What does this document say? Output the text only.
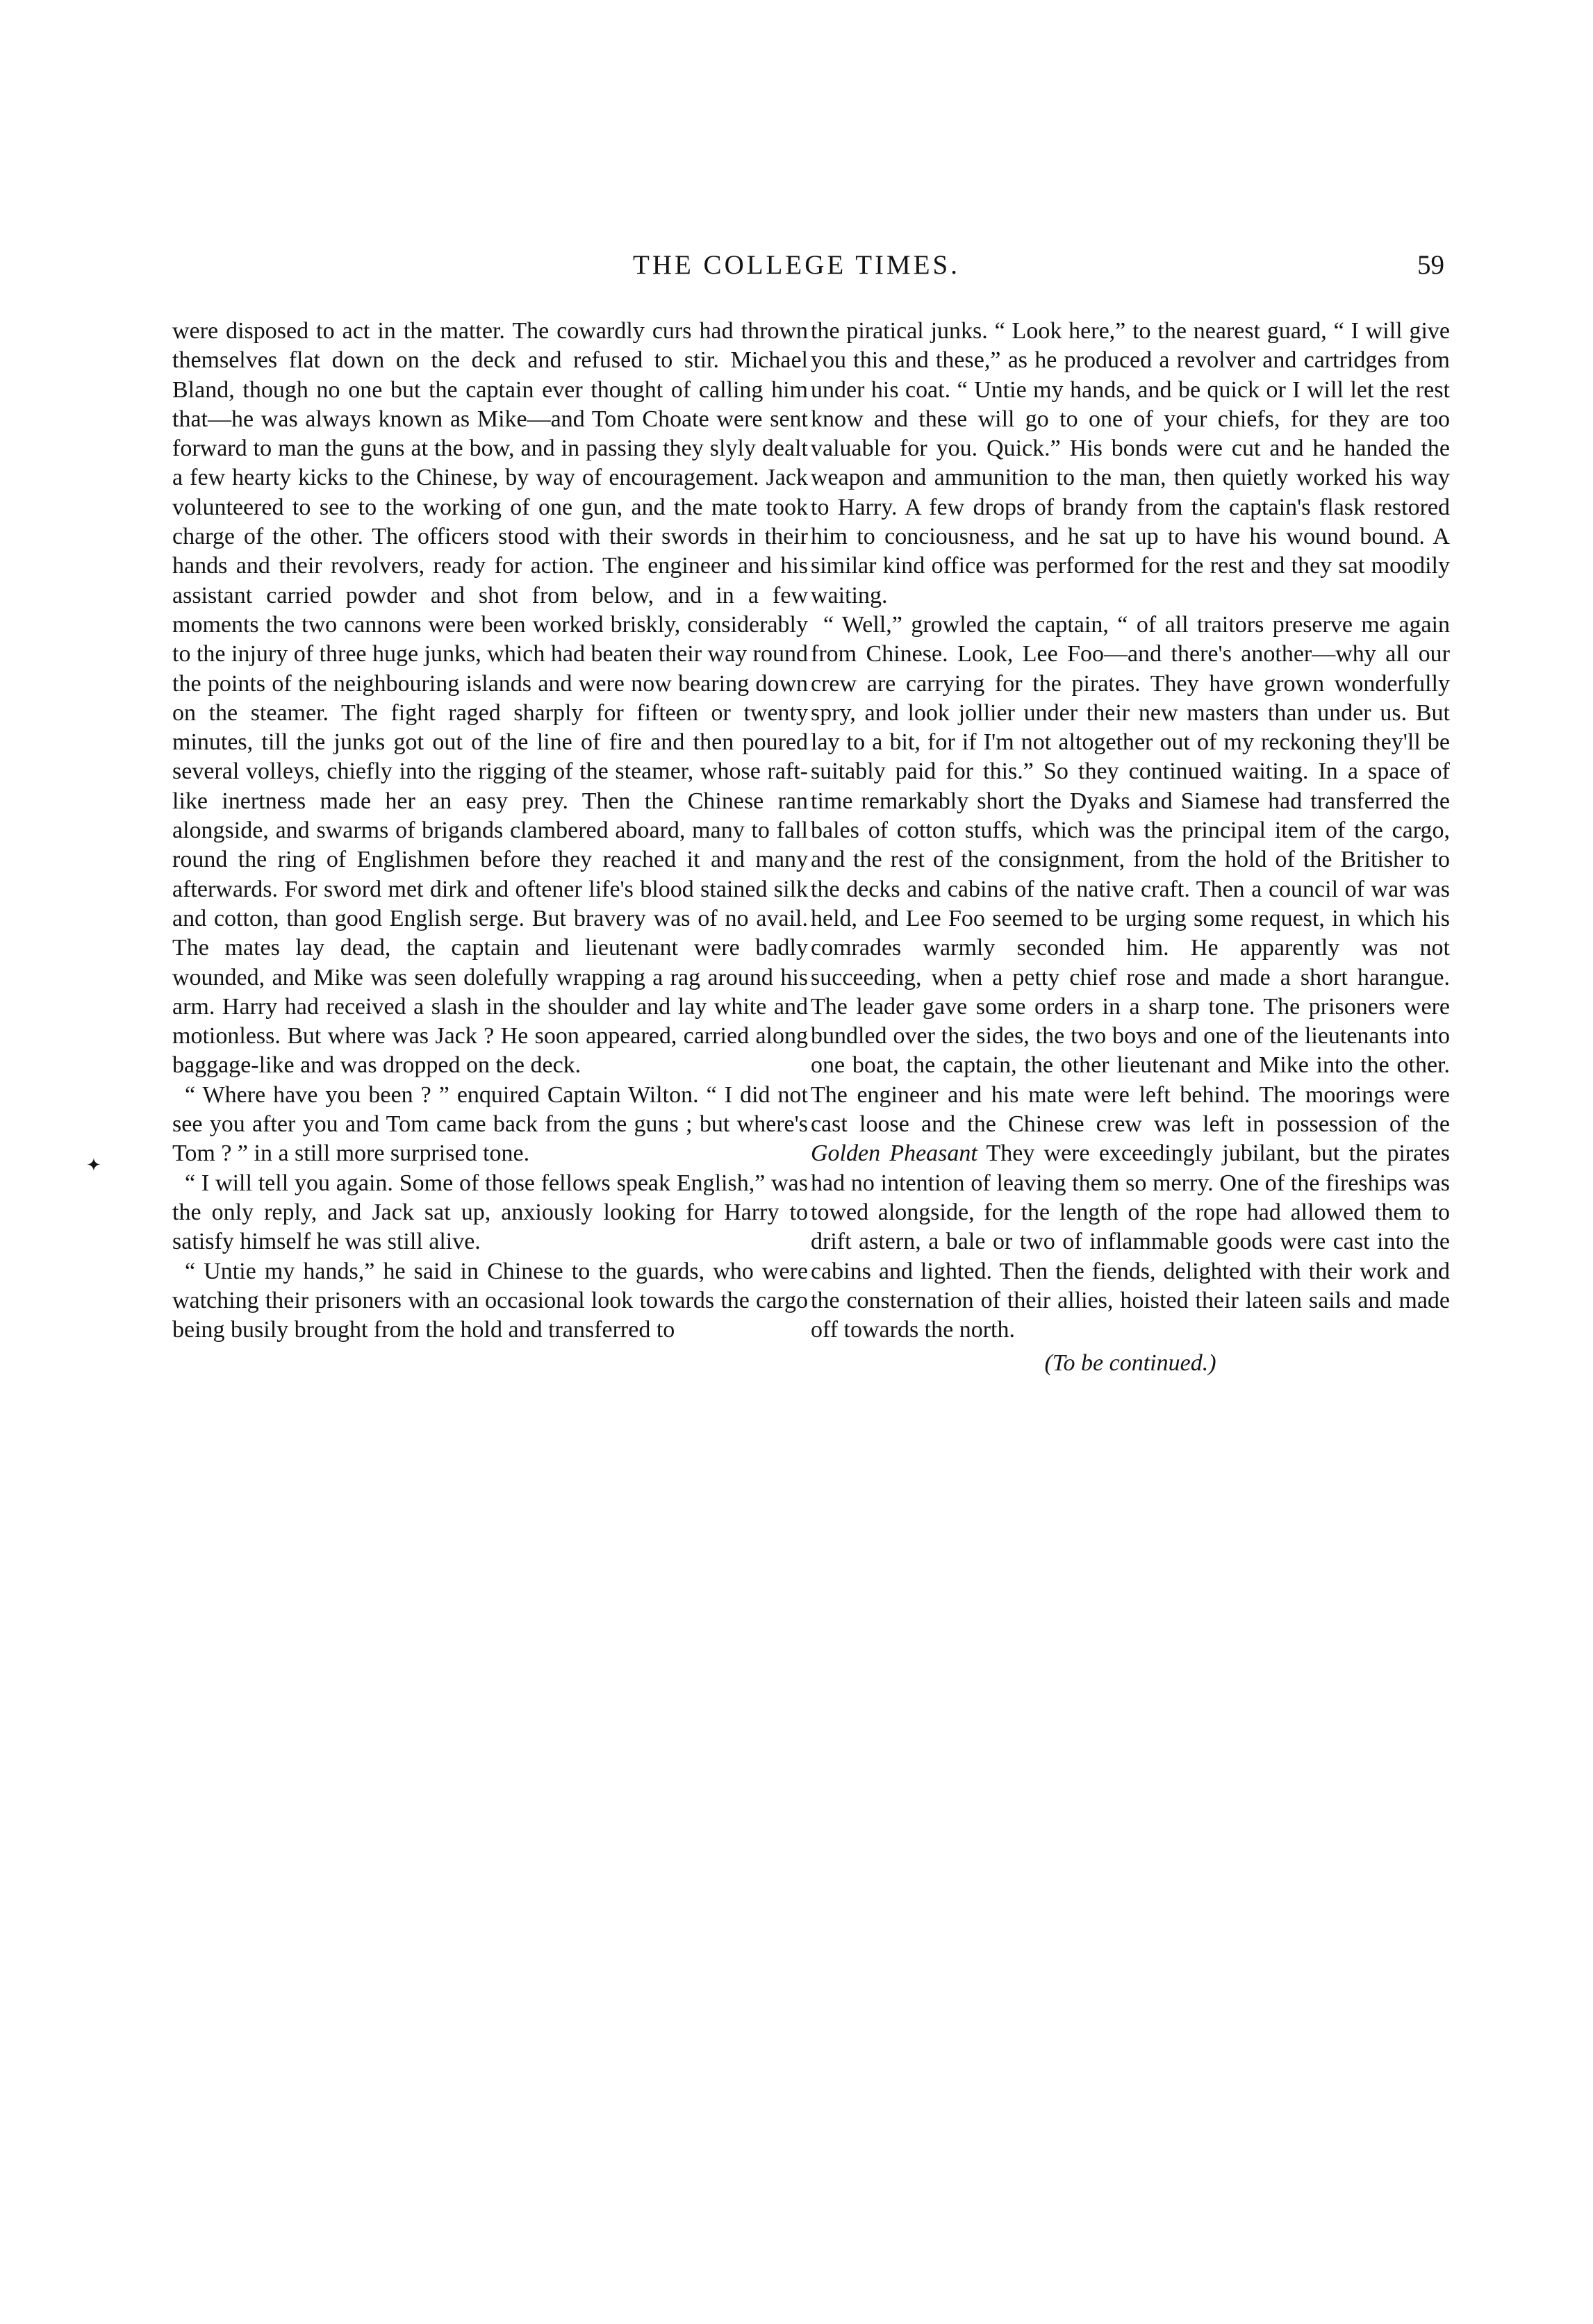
THE COLLEGE TIMES.	59
✦

were disposed to act in the matter. The cowardly curs had thrown themselves flat down on the deck and refused to stir. Michael Bland, though no one but the captain ever thought of calling him that—he was always known as Mike—and Tom Choate were sent forward to man the guns at the bow, and in passing they slyly dealt a few hearty kicks to the Chinese, by way of encouragement. Jack volunteered to see to the working of one gun, and the mate took charge of the other. The officers stood with their swords in their hands and their revolvers, ready for action. The engineer and his assistant carried powder and shot from below, and in a few moments the two cannons were been worked briskly, considerably to the injury of three huge junks, which had beaten their way round the points of the neighbouring islands and were now bearing down on the steamer. The fight raged sharply for fifteen or twenty minutes, till the junks got out of the line of fire and then poured several volleys, chiefly into the rigging of the steamer, whose raft-like inertness made her an easy prey. Then the Chinese ran alongside, and swarms of brigands clambered aboard, many to fall round the ring of Englishmen before they reached it and many afterwards. For sword met dirk and oftener life's blood stained silk and cotton, than good English serge. But bravery was of no avail. The mates lay dead, the captain and lieutenant were badly wounded, and Mike was seen dolefully wrapping a rag around his arm. Harry had received a slash in the shoulder and lay white and motionless. But where was Jack ? He soon appeared, carried along baggage-like and was dropped on the deck.

“ Where have you been ? ” enquired Captain Wilton. “ I did not see you after you and Tom came back from the guns ; but where's Tom ? ” in a still more surprised tone.

“ I will tell you again. Some of those fellows speak English,” was the only reply, and Jack sat up, anxiously looking for Harry to satisfy himself he was still alive.

“ Untie my hands,” he said in Chinese to the guards, who were watching their prisoners with an occasional look towards the cargo being busily brought from the hold and transferred to

the piratical junks. “ Look here,” to the nearest guard, “ I will give you this and these,” as he produced a revolver and cartridges from under his coat. “ Untie my hands, and be quick or I will let the rest know and these will go to one of your chiefs, for they are too valuable for you. Quick.” His bonds were cut and he handed the weapon and ammunition to the man, then quietly worked his way to Harry. A few drops of brandy from the captain's flask restored him to conciousness, and he sat up to have his wound bound. A similar kind office was performed for the rest and they sat moodily waiting.

“ Well,” growled the captain, “ of all traitors preserve me again from Chinese. Look, Lee Foo—and there's another—why all our crew are carrying for the pirates. They have grown wonderfully spry, and look jollier under their new masters than under us. But lay to a bit, for if I'm not altogether out of my reckoning they'll be suitably paid for this.” So they continued waiting. In a space of time remarkably short the Dyaks and Siamese had transferred the bales of cotton stuffs, which was the principal item of the cargo, and the rest of the consignment, from the hold of the Britisher to the decks and cabins of the native craft. Then a council of war was held, and Lee Foo seemed to be urging some request, in which his comrades warmly seconded him. He apparently was not succeeding, when a petty chief rose and made a short harangue. The leader gave some orders in a sharp tone. The prisoners were bundled over the sides, the two boys and one of the lieutenants into one boat, the captain, the other lieutenant and Mike into the other. The engineer and his mate were left behind. The moorings were cast loose and the Chinese crew was left in possession of the Golden Pheasant They were exceedingly jubilant, but the pirates had no intention of leaving them so merry. One of the fireships was towed alongside, for the length of the rope had allowed them to drift astern, a bale or two of inflammable goods were cast into the cabins and lighted. Then the fiends, delighted with their work and the consternation of their allies, hoisted their lateen sails and made off towards the north.

(To be continued.)
